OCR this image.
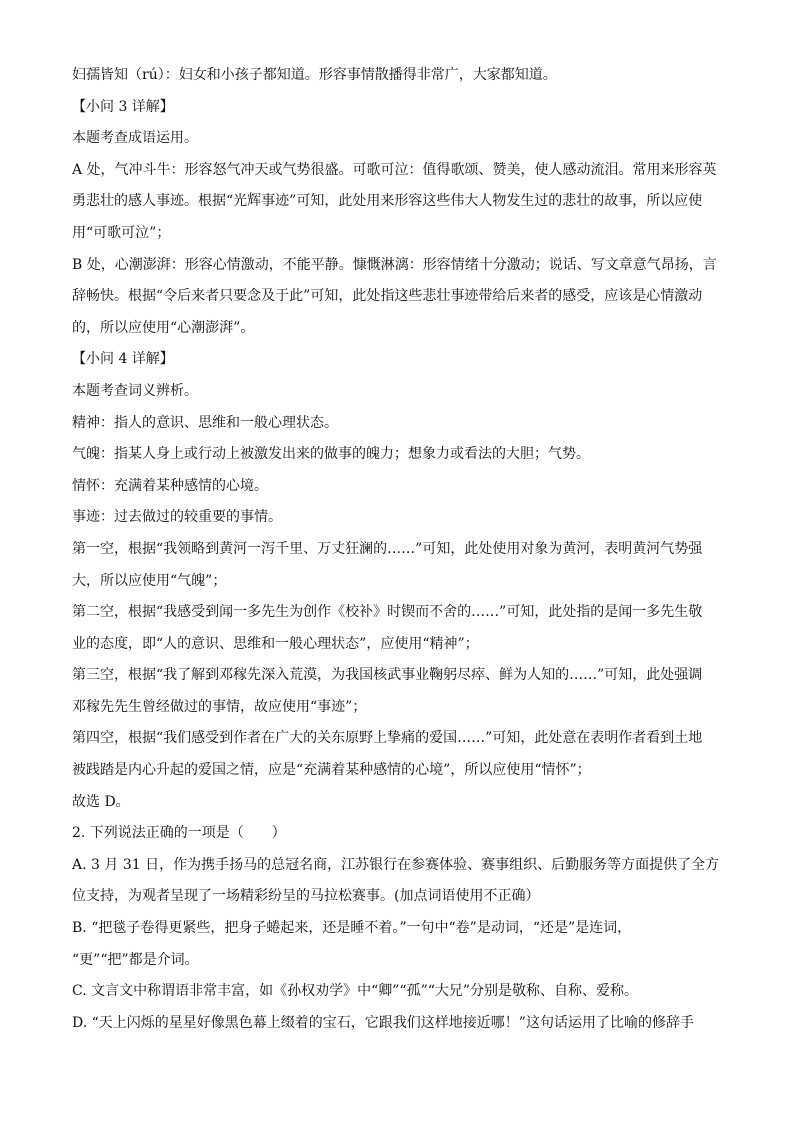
妇孺皆知（rú）：妇女和小孩子都知道。形容事情散播得非常广，大家都知道。
【小问 3 详解】
本题考查成语运用。
A 处，气冲斗牛：形容怒气冲天或气势很盛。可歌可泣：值得歌颂、赞美，使人感动流泪。常用来形容英
勇悲壮的感人事迹。根据“光辉事迹”可知，此处用来形容这些伟大人物发生过的悲壮的故事，所以应使
用“可歌可泣”；
B 处，心潮澎湃：形容心情激动，不能平静。慷慨淋漓：形容情绪十分激动；说话、写文章意气昂扬，言
辞畅快。根据“令后来者只要念及于此”可知，此处指这些悲壮事迹带给后来者的感受，应该是心情激动
的，所以应使用“心潮澎湃”。
【小问 4 详解】
本题考查词义辨析。
精神：指人的意识、思维和一般心理状态。
气魄：指某人身上或行动上被激发出来的做事的魄力；想象力或看法的大胆；气势。
情怀：充满着某种感情的心境。
事迹：过去做过的较重要的事情。
第一空，根据“我领略到黄河一泻千里、万丈狂澜的……”可知，此处使用对象为黄河，表明黄河气势强
大，所以应使用“气魄”；
第二空，根据“我感受到闻一多先生为创作《校补》时锲而不舍的……”可知，此处指的是闻一多先生敬
业的态度，即“人的意识、思维和一般心理状态”，应使用“精神”；
第三空，根据“我了解到邓稼先深入荒漠，为我国核武事业鞠躬尽瘁、鲜为人知的……”可知，此处强调
邓稼先先生曾经做过的事情，故应使用“事迹”；
第四空，根据“我们感受到作者在广大的关东原野上挚痛的爱国……”可知，此处意在表明作者看到土地
被践踏是内心升起的爱国之情，应是“充满着某种感情的心境”，所以应使用“情怀”；
故选 D。
2. 下列说法正确的一项是（　　）
A. 3 月 31 日，作为携手扬马的总冠名商，江苏银行在参赛体验、赛事组织、后勤服务等方面提供了全方
位支持，为观者呈现了一场精彩纷呈的马拉松赛事。(加点词语使用不正确）
B. “把毯子卷得更紧些，把身子蜷起来，还是睡不着。”一句中“卷”是动词，“还是”是连词，
“更”“把”都是介词。
C. 文言文中称谓语非常丰富，如《孙权劝学》中“卿”“孤”“大兄”分别是敬称、自称、爱称。
D. “天上闪烁的星星好像黑色幕上缀着的宝石，它跟我们这样地接近哪！”这句话运用了比喻的修辞手
